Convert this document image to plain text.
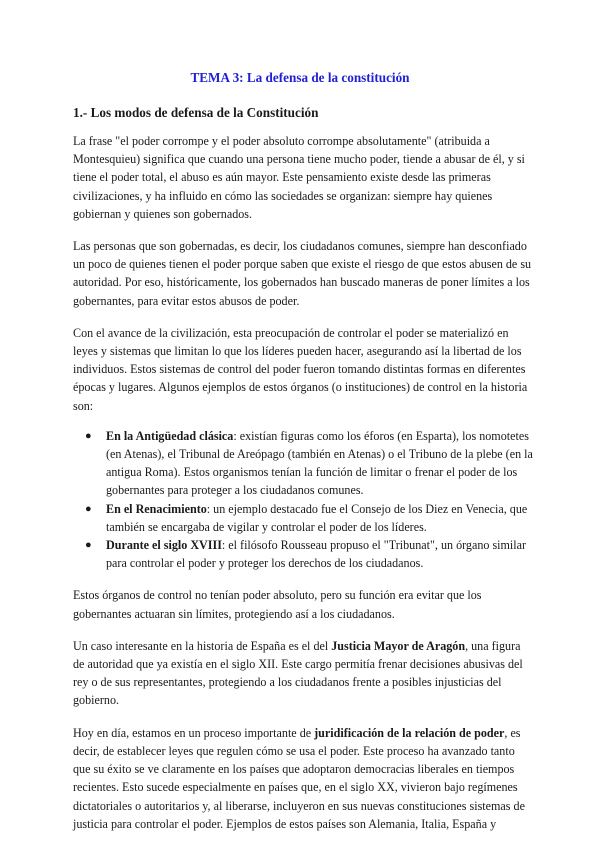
TEMA 3: La defensa de la constitución
1.- Los modos de defensa de la Constitución

La frase "el poder corrompe y el poder absoluto corrompe absolutamente" (atribuida a Montesquieu) significa que cuando una persona tiene mucho poder, tiende a abusar de él, y si tiene el poder total, el abuso es aún mayor. Este pensamiento existe desde las primeras civilizaciones, y ha influido en cómo las sociedades se organizan: siempre hay quienes gobiernan y quienes son gobernados.

Las personas que son gobernadas, es decir, los ciudadanos comunes, siempre han desconfiado un poco de quienes tienen el poder porque saben que existe el riesgo de que estos abusen de su autoridad. Por eso, históricamente, los gobernados han buscado maneras de poner límites a los gobernantes, para evitar estos abusos de poder.

Con el avance de la civilización, esta preocupación de controlar el poder se materializó en leyes y sistemas que limitan lo que los líderes pueden hacer, asegurando así la libertad de los individuos. Estos sistemas de control del poder fueron tomando distintas formas en diferentes épocas y lugares. Algunos ejemplos de estos órganos (o instituciones) de control en la historia son:

● En la Antigüedad clásica: existían figuras como los éforos (en Esparta), los nomotetes (en Atenas), el Tribunal de Areópago (también en Atenas) o el Tribuno de la plebe (en la antigua Roma). Estos organismos tenían la función de limitar o frenar el poder de los gobernantes para proteger a los ciudadanos comunes.
● En el Renacimiento: un ejemplo destacado fue el Consejo de los Diez en Venecia, que también se encargaba de vigilar y controlar el poder de los líderes.
● Durante el siglo XVIII: el filósofo Rousseau propuso el "Tribunat", un órgano similar para controlar el poder y proteger los derechos de los ciudadanos.

Estos órganos de control no tenían poder absoluto, pero su función era evitar que los gobernantes actuaran sin límites, protegiendo así a los ciudadanos.

Un caso interesante en la historia de España es el del Justicia Mayor de Aragón, una figura de autoridad que ya existía en el siglo XII. Este cargo permitía frenar decisiones abusivas del rey o de sus representantes, protegiendo a los ciudadanos frente a posibles injusticias del gobierno.

Hoy en día, estamos en un proceso importante de juridificación de la relación de poder, es decir, de establecer leyes que regulen cómo se usa el poder. Este proceso ha avanzado tanto que su éxito se ve claramente en los países que adoptaron democracias liberales en tiempos recientes. Esto sucede especialmente en países que, en el siglo XX, vivieron bajo regímenes dictatoriales o autoritarios y, al liberarse, incluyeron en sus nuevas constituciones sistemas de justicia para controlar el poder. Ejemplos de estos países son Alemania, Italia, España y
